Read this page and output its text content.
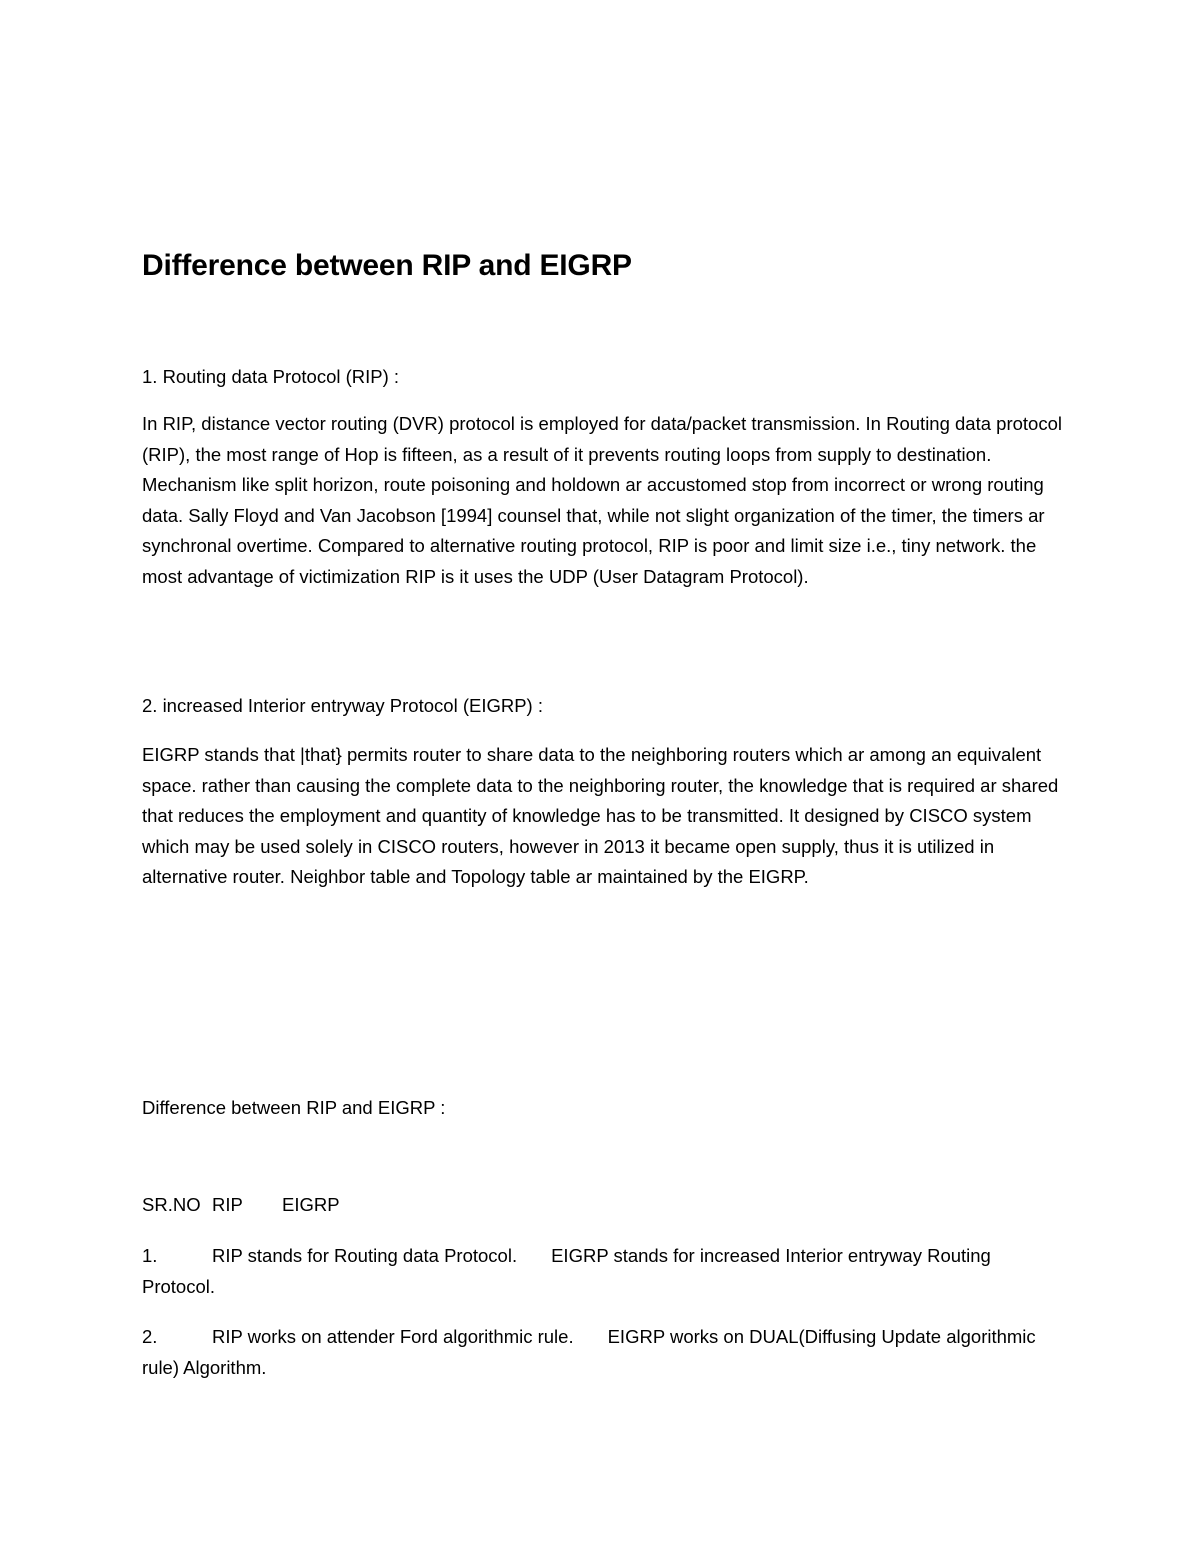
Difference between RIP and EIGRP

1. Routing data Protocol (RIP) :

In RIP, distance vector routing (DVR) protocol is employed for data/packet transmission. In Routing data protocol (RIP), the most range of Hop is fifteen, as a result of it prevents routing loops from supply to destination. Mechanism like split horizon, route poisoning and holdown ar accustomed stop from incorrect or wrong routing data. Sally Floyd and Van Jacobson [1994] counsel that, while not slight organization of the timer, the timers ar synchronal overtime. Compared to alternative routing protocol, RIP is poor and limit size i.e., tiny network. the most advantage of victimization RIP is it uses the UDP (User Datagram Protocol).

2. increased Interior entryway Protocol (EIGRP) :

EIGRP stands that |that} permits router to share data to the neighboring routers which ar among an equivalent space. rather than causing the complete data to the neighboring router, the knowledge that is required ar shared that reduces the employment and quantity of knowledge has to be transmitted. It designed by CISCO system which may be used solely in CISCO routers, however in 2013 it became open supply, thus it is utilized in alternative router. Neighbor table and Topology table ar maintained by the EIGRP.

Difference between RIP and EIGRP :

SR.NO

RIP

EIGRP

1.	RIP stands for Routing data Protocol. EIGRP stands for increased Interior entryway Routing Protocol.

2.	RIP works on attender Ford algorithmic rule. EIGRP works on DUAL(Diffusing Update algorithmic rule) Algorithm.
